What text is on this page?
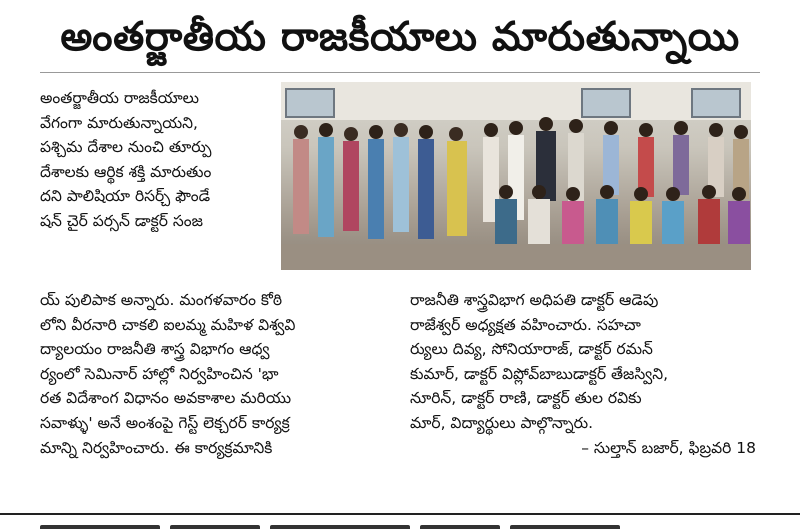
అంతర్జాతీయ రాజకీయాలు మారుతున్నాయి

అంతర్జాతీయ రాజకీయాలు

వేగంగా మారుతున్నాయని,

పశ్చిమ దేశాల నుంచి తూర్పు

దేశాలకు ఆర్థిక శక్తి మారుతుం

దని పాలిషియా రిసర్చ్ ఫౌండే

షన్ చైర్ పర్సన్ డాక్టర్ సంజ

య్ పులిపాక అన్నారు. మంగళవారం కోఠి

లోని వీరనారి చాకలి ఐలమ్మ మహిళ విశ్వవి

ద్యాలయం రాజనీతి శాస్త్ర విభాగం ఆధ్వ

ర్యంలో సెమినార్ హాల్లో నిర్వహించిన 'భా

రత విదేశాంగ విధానం అవకాశాల మరియు

సవాళ్ళు' అనే అంశంపై గెస్ట్ లెక్చరర్ కార్యక్ర

మాన్ని నిర్వహించారు. ఈ కార్యక్రమానికి

రాజనీతి శాస్త్రవిభాగ అధిపతి డాక్టర్ ఆడెపు

రాజేశ్వర్ అధ్యక్షత వహించారు. సహచా

ర్యులు దివ్య, సోనియారాజ్, డాక్టర్ రమన్

కుమార్, డాక్టర్ విప్లోవ్‌బాబుడాక్టర్ తేజస్విని,

నూరిన్, డాక్టర్ రాణి, డాక్టర్ తుల రవికు

మార్, విద్యార్థులు పాల్గొన్నారు.

– సుల్తాన్ బజార్, ఫిబ్రవరి 18
